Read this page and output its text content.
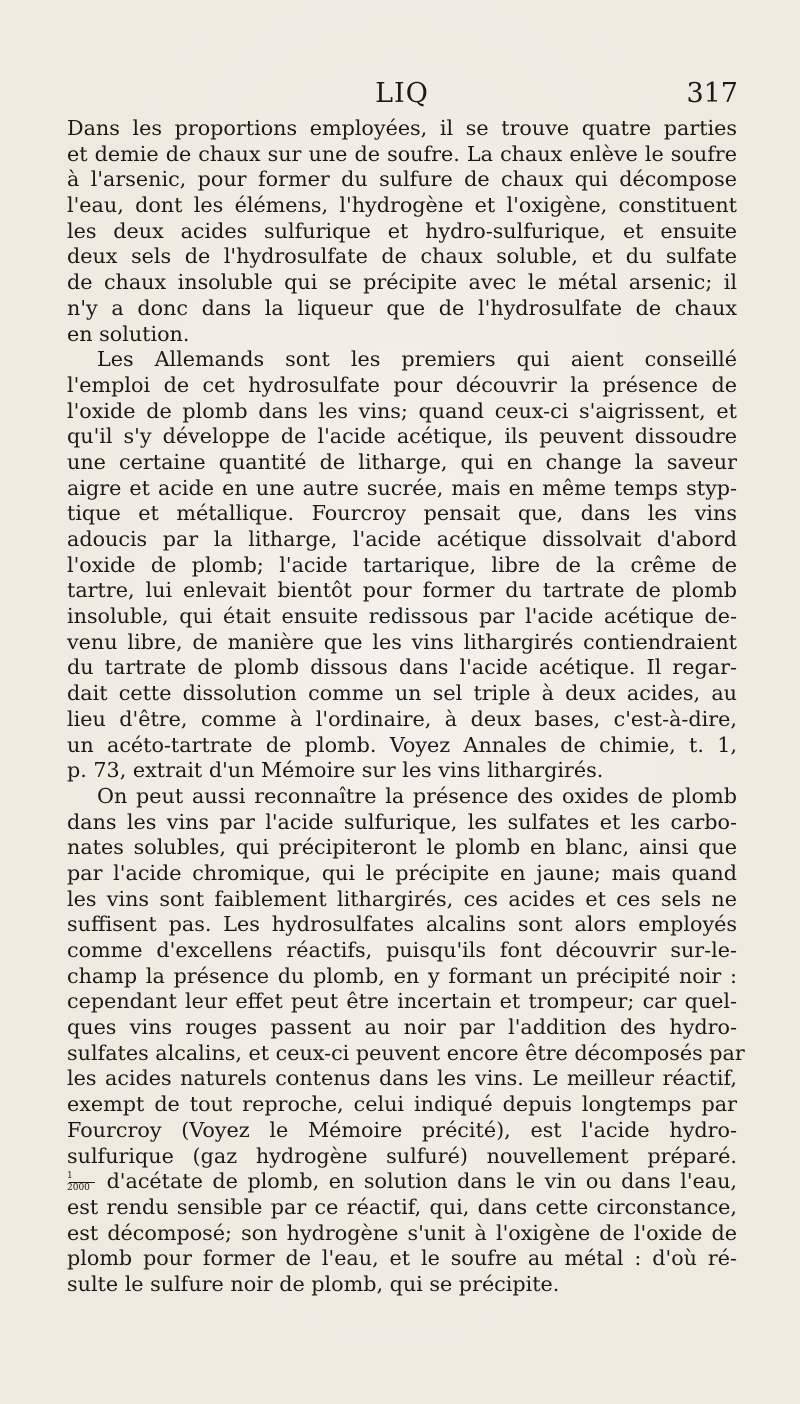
LIQ	317
Dans les proportions employées, il se trouve quatre parties
et demie de chaux sur une de soufre. La chaux enlève le soufre
à l'arsenic, pour former du sulfure de chaux qui décompose
l'eau, dont les élémens, l'hydrogène et l'oxigène, constituent
les deux acides sulfurique et hydro-sulfurique, et ensuite
deux sels de l'hydrosulfate de chaux soluble, et du sulfate
de chaux insoluble qui se précipite avec le métal arsenic; il
n'y a donc dans la liqueur que de l'hydrosulfate de chaux
en solution.
Les Allemands sont les premiers qui aient conseillé
l'emploi de cet hydrosulfate pour découvrir la présence de
l'oxide de plomb dans les vins; quand ceux-ci s'aigrissent, et
qu'il s'y développe de l'acide acétique, ils peuvent dissoudre
une certaine quantité de litharge, qui en change la saveur
aigre et acide en une autre sucrée, mais en même temps styp-
tique et métallique. Fourcroy pensait que, dans les vins
adoucis par la litharge, l'acide acétique dissolvait d'abord
l'oxide de plomb; l'acide tartarique, libre de la crême de
tartre, lui enlevait bientôt pour former du tartrate de plomb
insoluble, qui était ensuite redissous par l'acide acétique de-
venu libre, de manière que les vins lithargirés contiendraient
du tartrate de plomb dissous dans l'acide acétique. Il regar-
dait cette dissolution comme un sel triple à deux acides, au
lieu d'être, comme à l'ordinaire, à deux bases, c'est-à-dire,
un acéto-tartrate de plomb. Voyez Annales de chimie, t. 1,
p. 73, extrait d'un Mémoire sur les vins lithargirés.
On peut aussi reconnaître la présence des oxides de plomb
dans les vins par l'acide sulfurique, les sulfates et les carbo-
nates solubles, qui précipiteront le plomb en blanc, ainsi que
par l'acide chromique, qui le précipite en jaune; mais quand
les vins sont faiblement lithargirés, ces acides et ces sels ne
suffisent pas. Les hydrosulfates alcalins sont alors employés
comme d'excellens réactifs, puisqu'ils font découvrir sur-le-
champ la présence du plomb, en y formant un précipité noir :
cependant leur effet peut être incertain et trompeur; car quel-
ques vins rouges passent au noir par l'addition des hydro-
sulfates alcalins, et ceux-ci peuvent encore être décomposés par
les acides naturels contenus dans les vins. Le meilleur réactif,
exempt de tout reproche, celui indiqué depuis longtemps par
Fourcroy (Voyez le Mémoire précité), est l'acide hydro-
sulfurique (gaz hydrogène sulfuré) nouvellement préparé.
$\frac{1}{2000}$ d'acétate de plomb, en solution dans le vin ou dans l'eau,
est rendu sensible par ce réactif, qui, dans cette circonstance,
est décomposé; son hydrogène s'unit à l'oxigène de l'oxide de
plomb pour former de l'eau, et le soufre au métal : d'où ré-
sulte le sulfure noir de plomb, qui se précipite.
